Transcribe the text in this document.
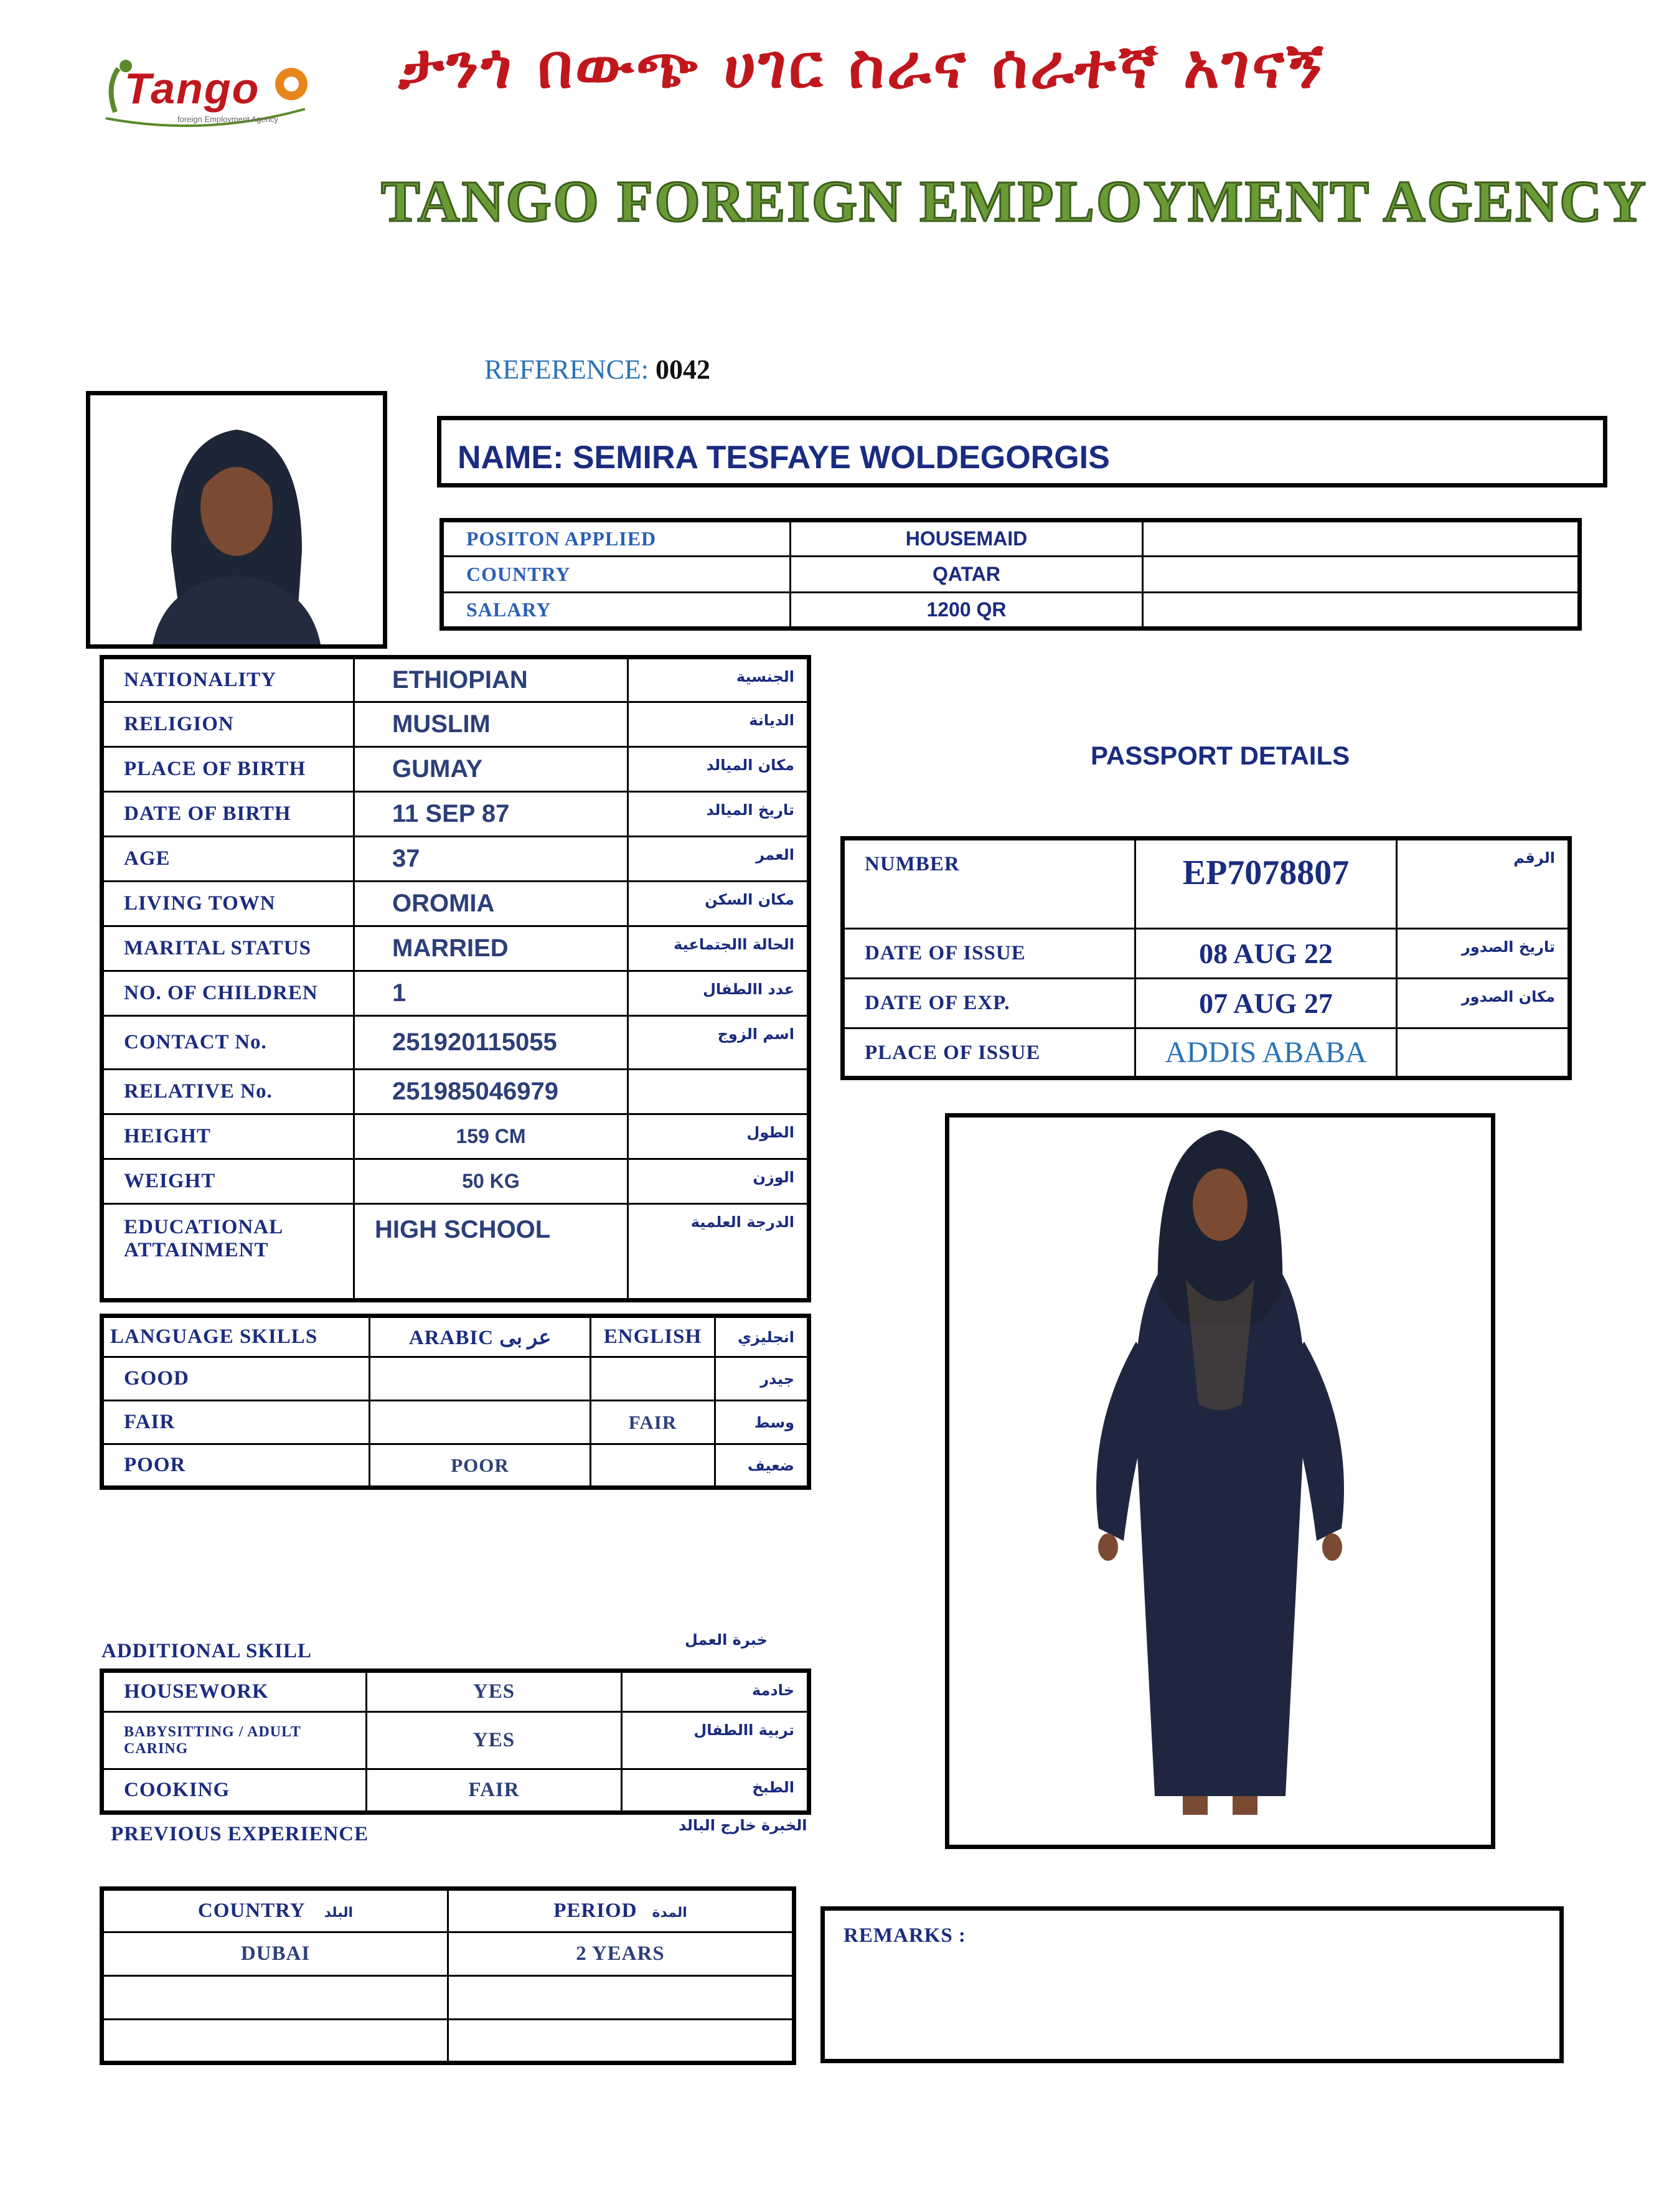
Tango
foreign Employment Agency
ታንጎ በውጭ ሀገር ስራና ሰራተኛ አገናኝ
TANGO FOREIGN EMPLOYMENT AGENCY
REFERENCE: 0042
NAME: SEMIRA TESFAYE WOLDEGORGIS
POSITON APPLIED	HOUSEMAID	
COUNTRY	QATAR	
SALARY	1200 QR	
NATIONALITY	ETHIOPIAN	الجنسية
RELIGION	MUSLIM	الديانة
PLACE OF BIRTH	GUMAY	مكان الميالد
DATE OF BIRTH	11 SEP 87	تاريخ الميالد
AGE	37	العمر
LIVING TOWN	OROMIA	مكان السكن
MARITAL STATUS	MARRIED	الحالة االجتماعية
NO. OF CHILDREN	1	عدد االطفال
CONTACT No.	251920115055	اسم الزوج
RELATIVE No.	251985046979	
HEIGHT	159 CM	الطول
WEIGHT	50 KG	الوزن
EDUCATIONAL ATTAINMENT	HIGH SCHOOL	الدرجة العلمية
PASSPORT DETAILS
NUMBER	EP7078807	الرقم
DATE OF ISSUE	08 AUG 22	تاريخ الصدور
DATE OF EXP.	07 AUG 27	مكان الصدور
PLACE OF ISSUE	ADDIS ABABA	
LANGUAGE SKILLS	ARABIC عر بى	ENGLISH	انجليزي
GOOD			جيدر
FAIR		FAIR	وسط
POOR	POOR		ضعيف
ADDITIONAL SKILL	خبرة العمل
HOUSEWORK	YES	خادمة
BABYSITTING / ADULT CARING	YES	تربية االطفال
COOKING	FAIR	الطبخ
PREVIOUS EXPERIENCE	الخبرة خارج البالد
COUNTRY البلد	PERIOD المدة
DUBAI	2 YEARS

REMARKS :
